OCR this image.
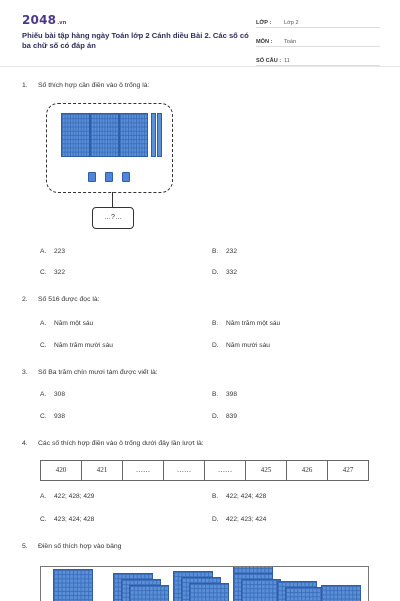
2048.vn
Phiếu bài tập hàng ngày Toán lớp 2 Cánh diều Bài 2. Các số có ba chữ số có đáp án
LỚP :	Lớp 2
MÔN :	Toán
SỐ CÂU : 11
1. Số thích hợp cần điền vào ô trống là:
…?…
A. 223	B. 232
C. 322	D. 332
2. Số 516 được đọc là:
A. Năm một sáu	B. Năm trăm một sáu
C. Năm trăm mười sáu	D. Năm mười sáu
3. Số Ba trăm chín mươi tám được viết là:
A. 308	B. 398
C. 938	D. 839
4. Các số thích hợp điền vào ô trống dưới đây lần lượt là:
420	421	……	……	……	425	426	427
A. 422; 428; 429	B. 422; 424; 428
C. 423; 424; 428	D. 422; 423; 424
5. Điền số thích hợp vào bảng
